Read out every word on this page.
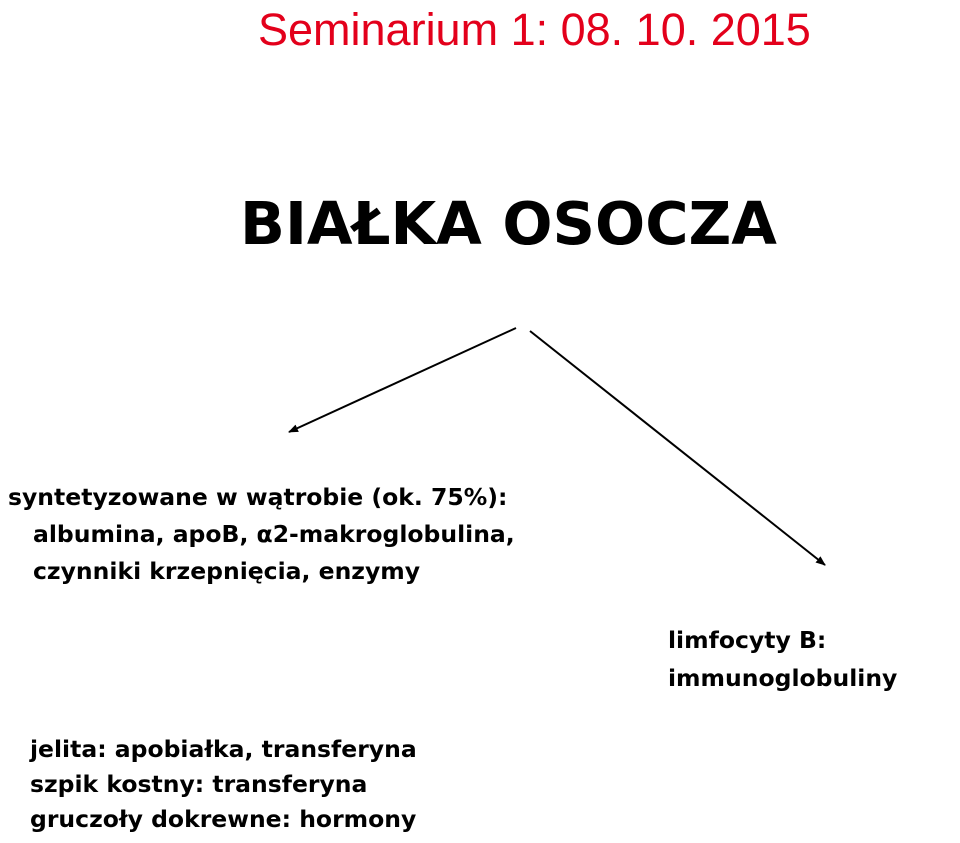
Seminarium 1: 08. 10. 2015
BIAŁKA OSOCZA
syntetyzowane w wątrobie (ok. 75%):
albumina, apoB, α2-makroglobulina,
czynniki krzepnięcia, enzymy
limfocyty B:
immunoglobuliny
jelita: apobiałka, transferyna
szpik kostny: transferyna
gruczoły dokrewne: hormony
